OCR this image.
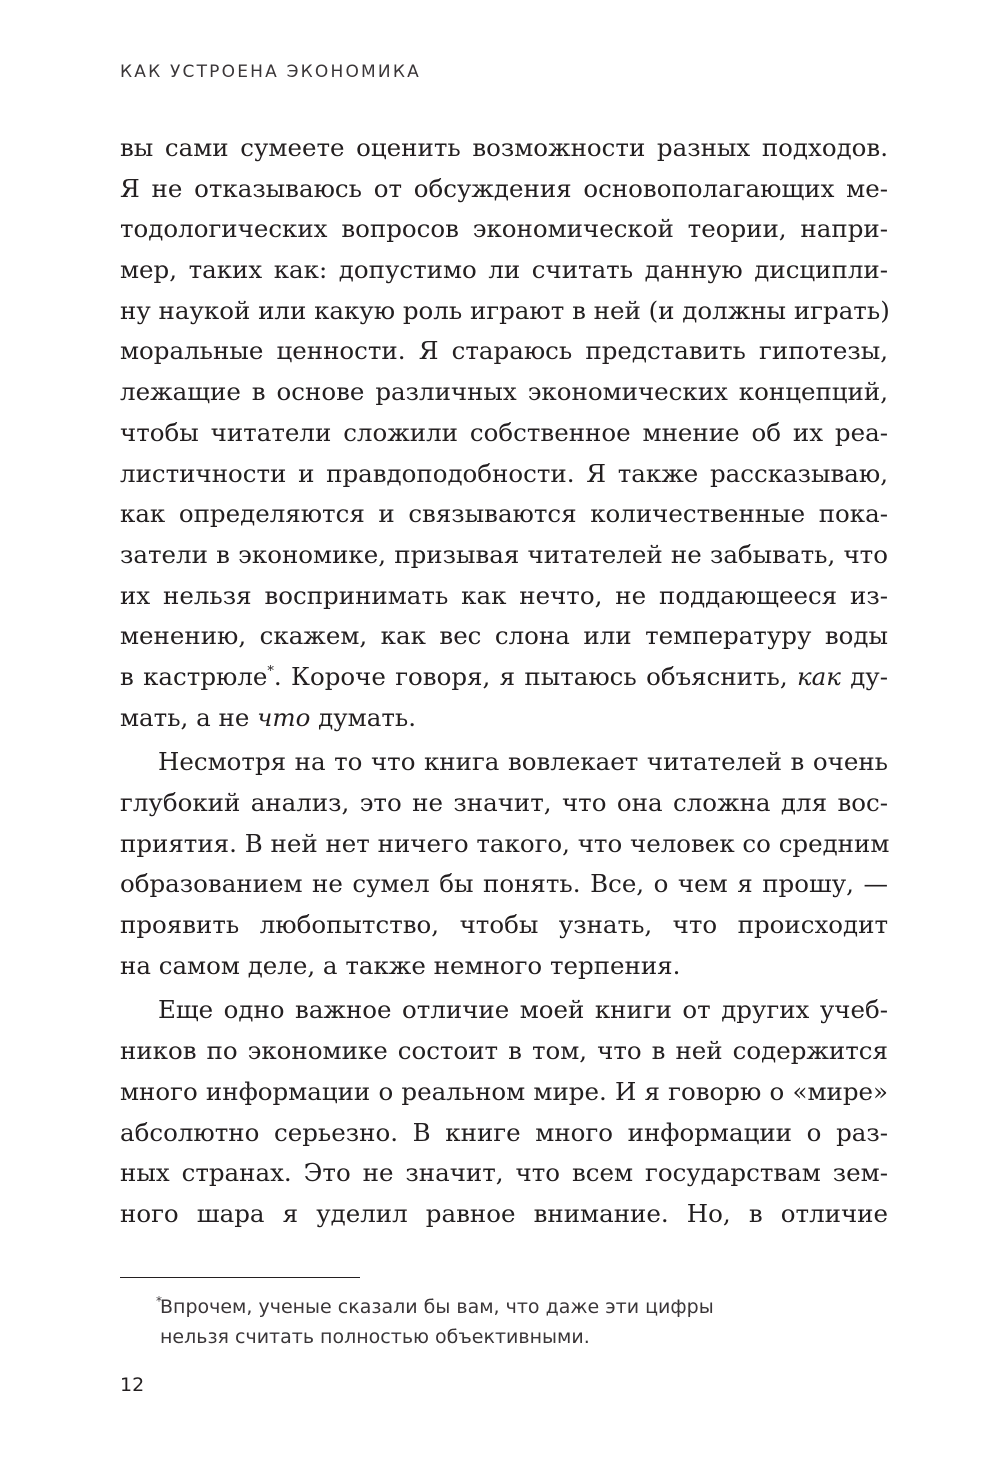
КАК УСТРОЕНА ЭКОНОМИКА
вы сами сумеете оценить возможности разных подходов.
Я не отказываюсь от обсуждения основополагающих ме-
тодологических вопросов экономической теории, напри-
мер, таких как: допустимо ли считать данную дисципли-
ну наукой или какую роль играют в ней (и должны играть)
моральные ценности. Я стараюсь представить гипотезы,
лежащие в основе различных экономических концепций,
чтобы читатели сложили собственное мнение об их реа-
листичности и правдоподобности. Я также рассказываю,
как определяются и связываются количественные пока-
затели в экономике, призывая читателей не забывать, что
их нельзя воспринимать как нечто, не поддающееся из-
менению, скажем, как вес слона или температуру воды
в кастрюле*. Короче говоря, я пытаюсь объяснить, как ду-
мать, а не что думать.
Несмотря на то что книга вовлекает читателей в очень
глубокий анализ, это не значит, что она сложна для вос-
приятия. В ней нет ничего такого, что человек со средним
образованием не сумел бы понять. Все, о чем я прошу, —
проявить любопытство, чтобы узнать, что происходит
на самом деле, а также немного терпения.
Еще одно важное отличие моей книги от других учеб-
ников по экономике состоит в том, что в ней содержится
много информации о реальном мире. И я говорю о «мире»
абсолютно серьезно. В книге много информации о раз-
ных странах. Это не значит, что всем государствам зем-
ного шара я уделил равное внимание. Но, в отличие
*
Впрочем, ученые сказали бы вам, что даже эти цифры
нельзя считать полностью объективными.
12
